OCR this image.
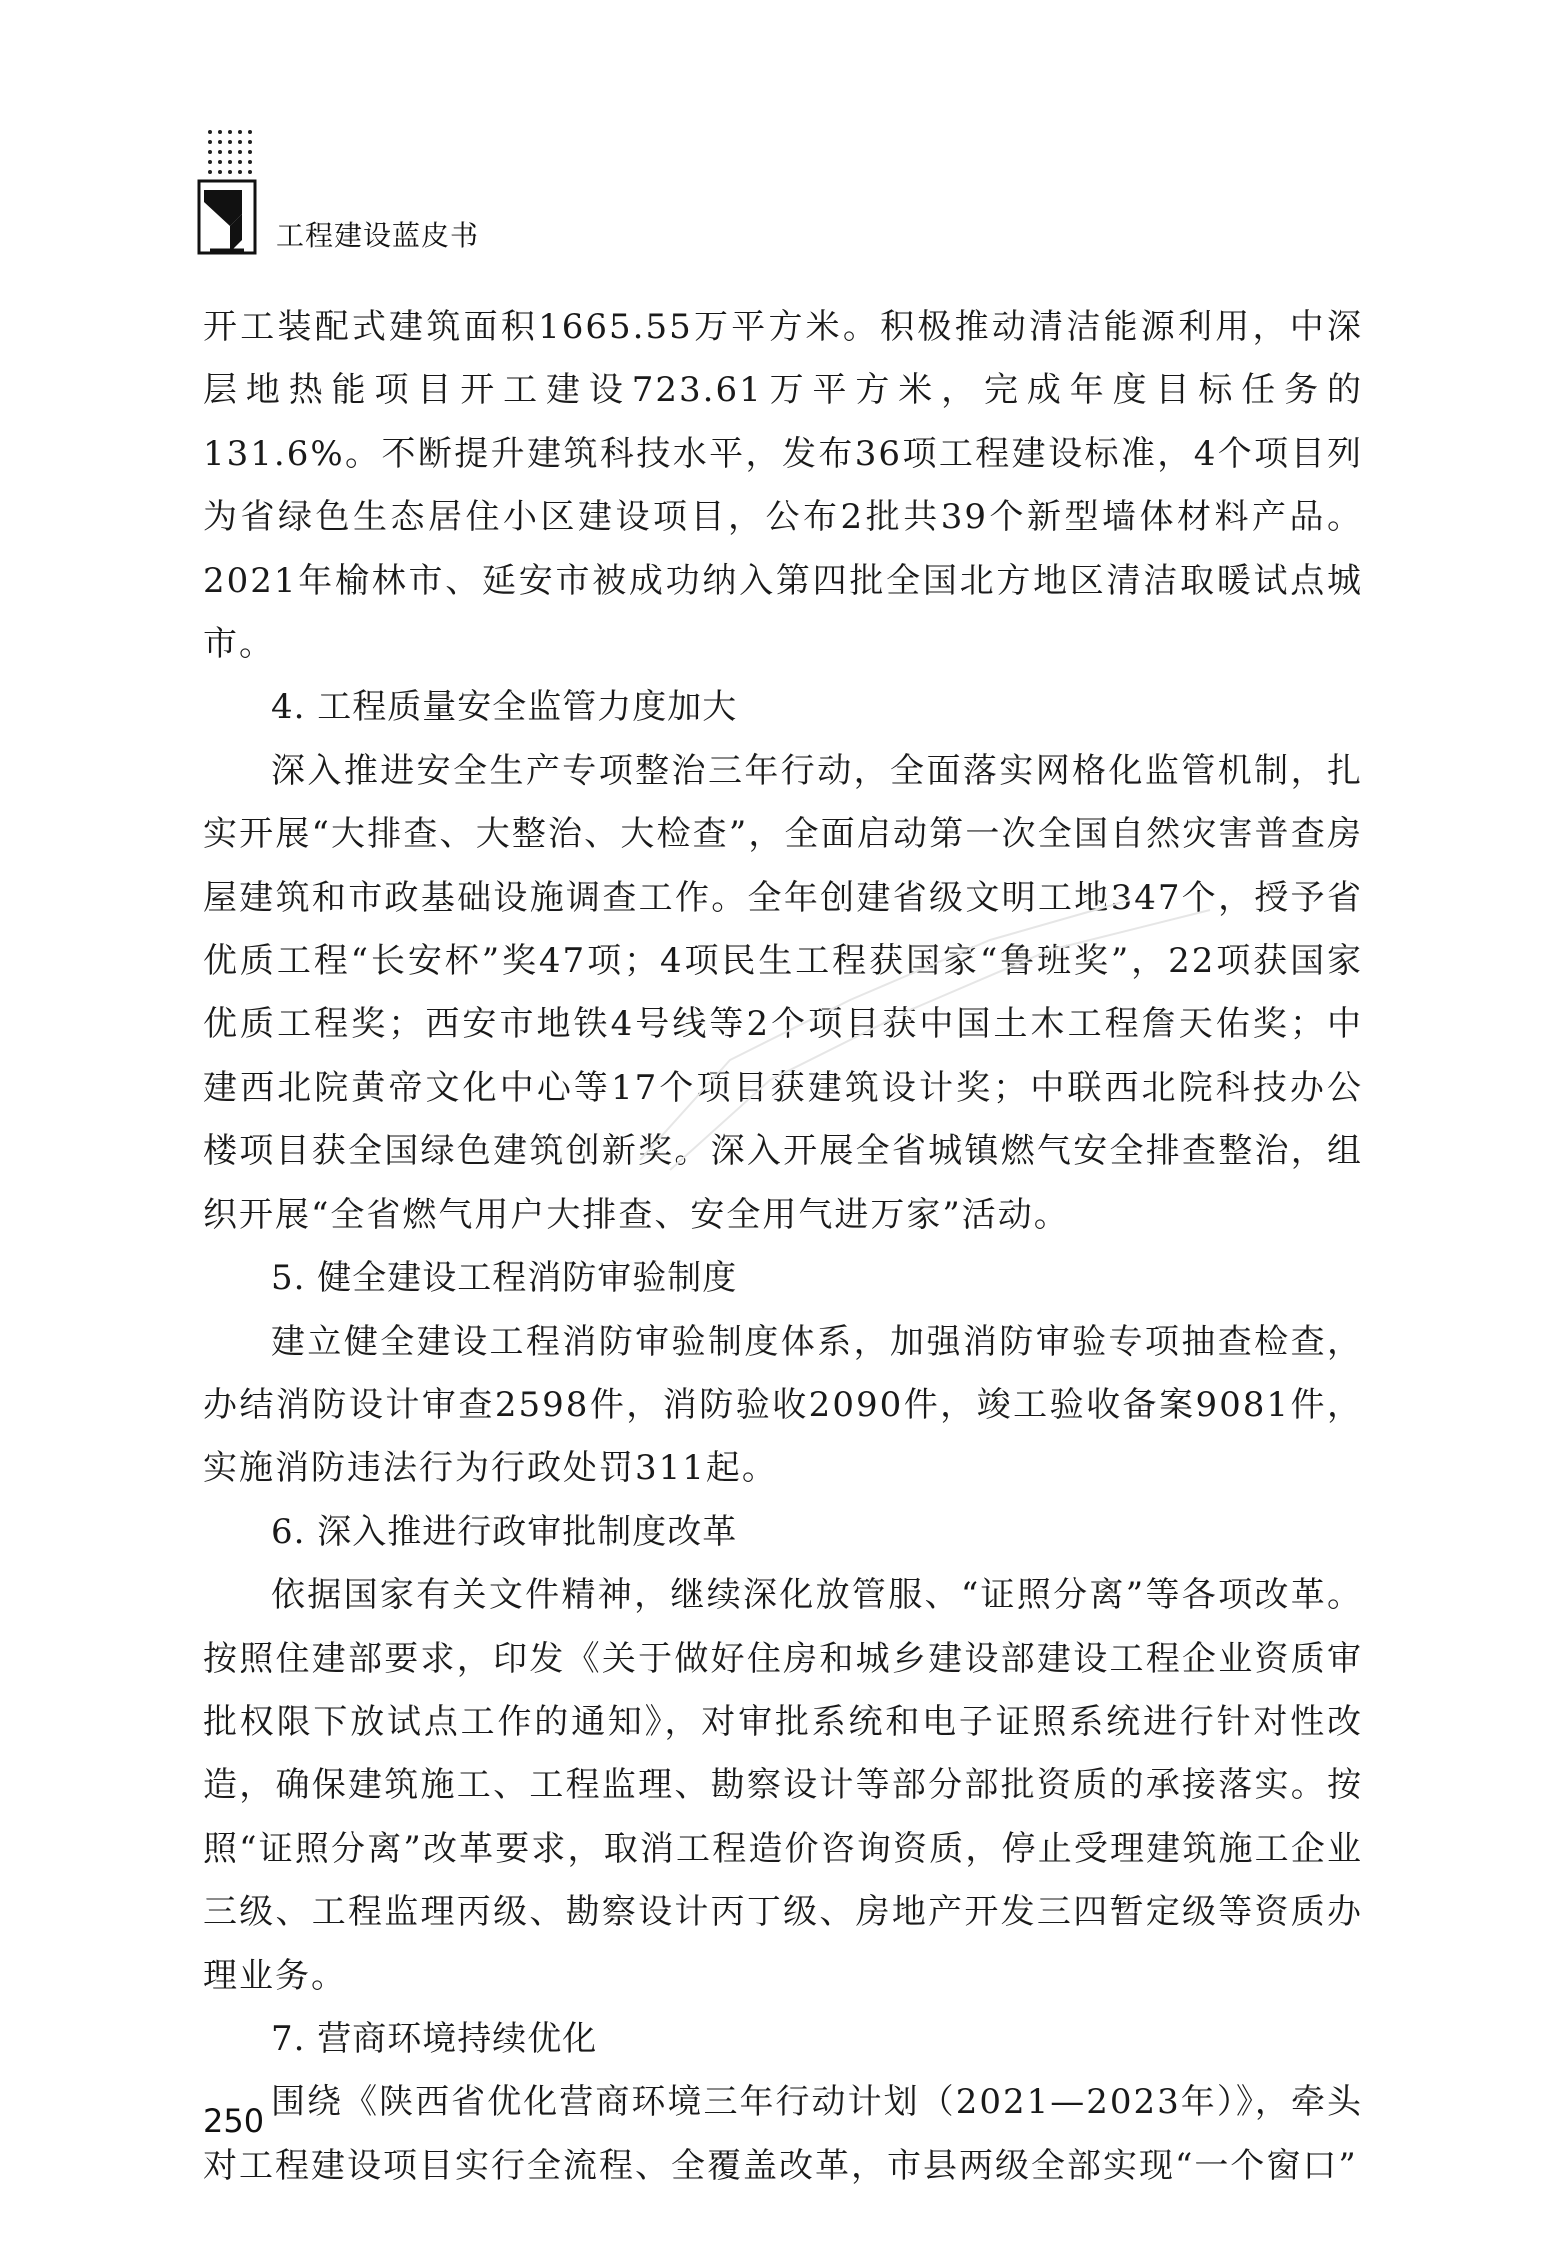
工程建设蓝皮书

开工装配式建筑面积1665.55万平方米。积极推动清洁能源利用，中深层地热能项目开工建设723.61万平方米，完成年度目标任务的131.6%。不断提升建筑科技水平，发布36项工程建设标准，4个项目列为省绿色生态居住小区建设项目，公布2批共39个新型墙体材料产品。2021年榆林市、延安市被成功纳入第四批全国北方地区清洁取暖试点城市。

4. 工程质量安全监管力度加大

深入推进安全生产专项整治三年行动，全面落实网格化监管机制，扎实开展“大排查、大整治、大检查”，全面启动第一次全国自然灾害普查房屋建筑和市政基础设施调查工作。全年创建省级文明工地347个，授予省优质工程“长安杯”奖47项；4项民生工程获国家“鲁班奖”，22项获国家优质工程奖；西安市地铁4号线等2个项目获中国土木工程詹天佑奖；中建西北院黄帝文化中心等17个项目获建筑设计奖；中联西北院科技办公楼项目获全国绿色建筑创新奖。深入开展全省城镇燃气安全排查整治，组织开展“全省燃气用户大排查、安全用气进万家”活动。

5. 健全建设工程消防审验制度

建立健全建设工程消防审验制度体系，加强消防审验专项抽查检查，办结消防设计审查2598件，消防验收2090件，竣工验收备案9081件，实施消防违法行为行政处罚311起。

6. 深入推进行政审批制度改革

依据国家有关文件精神，继续深化放管服、“证照分离”等各项改革。按照住建部要求，印发《关于做好住房和城乡建设部建设工程企业资质审批权限下放试点工作的通知》，对审批系统和电子证照系统进行针对性改造，确保建筑施工、工程监理、勘察设计等部分部批资质的承接落实。按照“证照分离”改革要求，取消工程造价咨询资质，停止受理建筑施工企业三级、工程监理丙级、勘察设计丙丁级、房地产开发三四暂定级等资质办理业务。

7. 营商环境持续优化

围绕《陕西省优化营商环境三年行动计划（2021—2023年）》，牵头对工程建设项目实行全流程、全覆盖改革，市县两级全部实现“一个窗口”

250
